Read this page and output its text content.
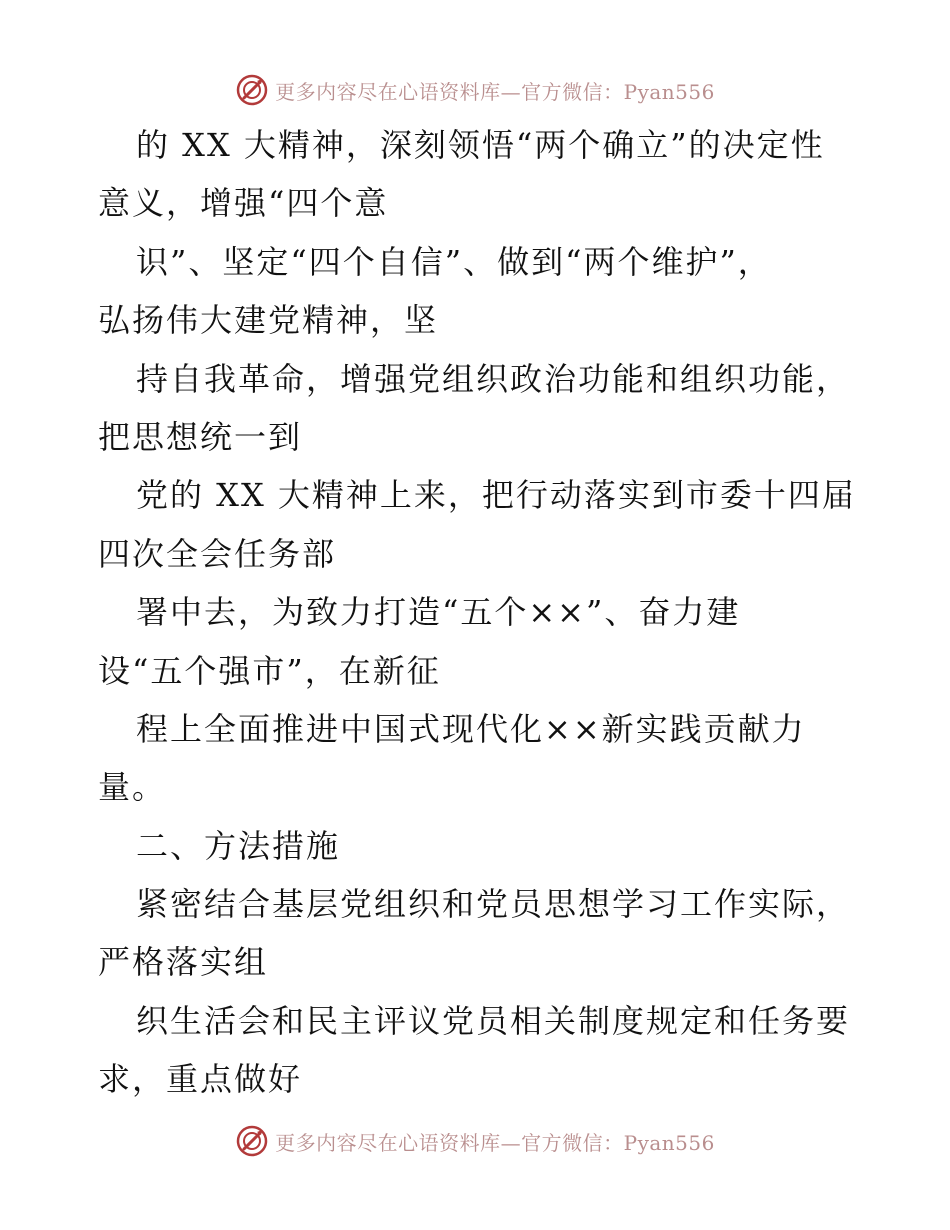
更多内容尽在心语资料库—官方微信：Pyan556
的 XX 大精神，深刻领悟“两个确立”的决定性
意义，增强“四个意
识”、坚定“四个自信”、做到“两个维护”，
弘扬伟大建党精神，坚
持自我革命，增强党组织政治功能和组织功能，
把思想统一到
党的 XX 大精神上来，把行动落实到市委十四届
四次全会任务部
署中去，为致力打造“五个××”、奋力建
设“五个强市”，在新征
程上全面推进中国式现代化××新实践贡献力
量。
二、方法措施
紧密结合基层党组织和党员思想学习工作实际，
严格落实组
织生活会和民主评议党员相关制度规定和任务要
求，重点做好
更多内容尽在心语资料库—官方微信：Pyan556
